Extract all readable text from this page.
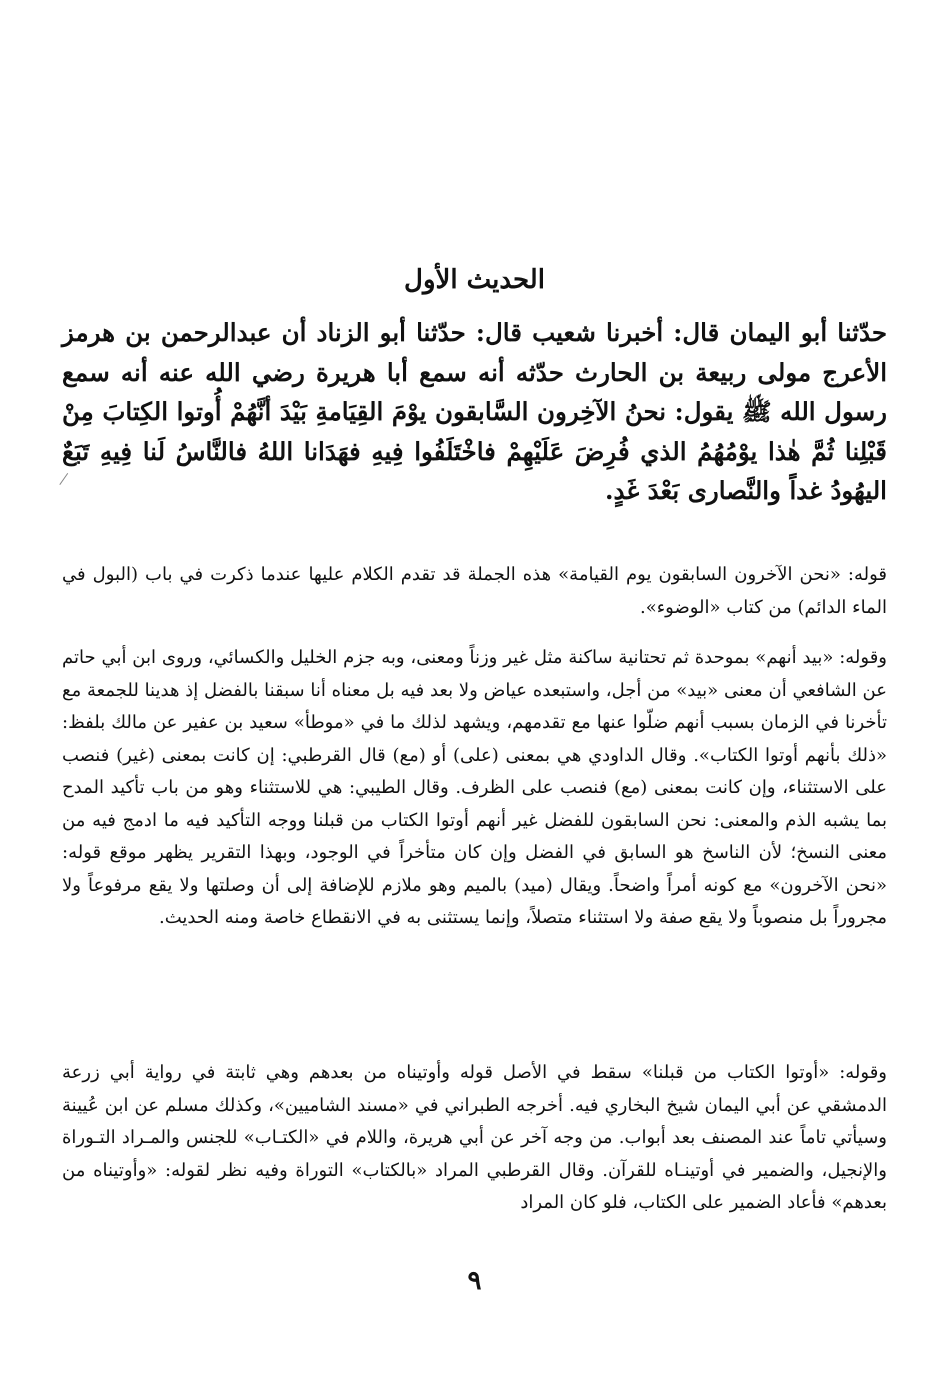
الحديث الأول
حدّثنا أبو اليمان قال: أخبرنا شعيب قال: حدّثنا أبو الزناد أن عبدالرحمن بن هرمز الأعرج مولى ربيعة بن الحارث حدّثه أنه سمع أبا هريرة رضي الله عنه أنه سمع رسول الله ﷺ يقول: نحنُ الآخِرون السَّابقون يوْمَ القِيَامةِ بَيْدَ أنَّهُمْ أُوتوا الكِتابَ مِنْ قَبْلِنا ثُمَّ هٰذا يوْمُهُمُ الذي فُرِضَ عَلَيْهِمْ فاخْتَلَفُوا فِيهِ فهَدَانا اللهُ فالنَّاسُ لَنا فِيهِ تَبَعٌ اليهُودُ غداً والنَّصارى بَعْدَ غَدٍ.

قوله: «نحن الآخرون السابقون يوم القيامة» هذه الجملة قد تقدم الكلام عليها عندما ذكرت في باب (البول في الماء الدائم) من كتاب «الوضوء».

وقوله: «بيد أنهم» بموحدة ثم تحتانية ساكنة مثل غير وزناً ومعنى، وبه جزم الخليل والكسائي، وروى ابن أبي حاتم عن الشافعي أن معنى «بيد» من أجل، واستبعده عياض ولا بعد فيه بل معناه أنا سبقنا بالفضل إذ هدينا للجمعة مع تأخرنا في الزمان بسبب أنهم ضلّوا عنها مع تقدمهم، ويشهد لذلك ما في «موطأ» سعيد بن عفير عن مالك بلفظ: «ذلك بأنهم أوتوا الكتاب». وقال الداودي هي بمعنى (على) أو (مع) قال القرطبي: إن كانت بمعنى (غير) فنصب على الاستثناء، وإن كانت بمعنى (مع) فنصب على الظرف. وقال الطيبي: هي للاستثناء وهو من باب تأكيد المدح بما يشبه الذم والمعنى: نحن السابقون للفضل غير أنهم أوتوا الكتاب من قبلنا ووجه التأكيد فيه ما ادمج فيه من معنى النسخ؛ لأن الناسخ هو السابق في الفضل وإن كان متأخراً في الوجود، وبهذا التقرير يظهر موقع قوله: «نحن الآخرون» مع كونه أمراً واضحاً. ويقال (ميد) بالميم وهو ملازم للإضافة إلى أن وصلتها ولا يقع مرفوعاً ولا مجروراً بل منصوباً ولا يقع صفة ولا استثناء متصلاً، وإنما يستثنى به في الانقطاع خاصة ومنه الحديث.

وقوله: «أوتوا الكتاب من قبلنا» سقط في الأصل قوله وأوتيناه من بعدهم وهي ثابتة في رواية أبي زرعة الدمشقي عن أبي اليمان شيخ البخاري فيه. أخرجه الطبراني في «مسند الشاميين»، وكذلك مسلم عن ابن عُيينة وسيأتي تاماً عند المصنف بعد أبواب. من وجه آخر عن أبي هريرة، واللام في «الكتـاب» للجنس والمـراد التـوراة والإنجيل، والضمير في أوتينـاه للقرآن. وقال القرطبي المراد «بالكتاب» التوراة وفيه نظر لقوله: «وأوتيناه من بعدهم» فأعاد الضمير على الكتاب، فلو كان المراد

٩
